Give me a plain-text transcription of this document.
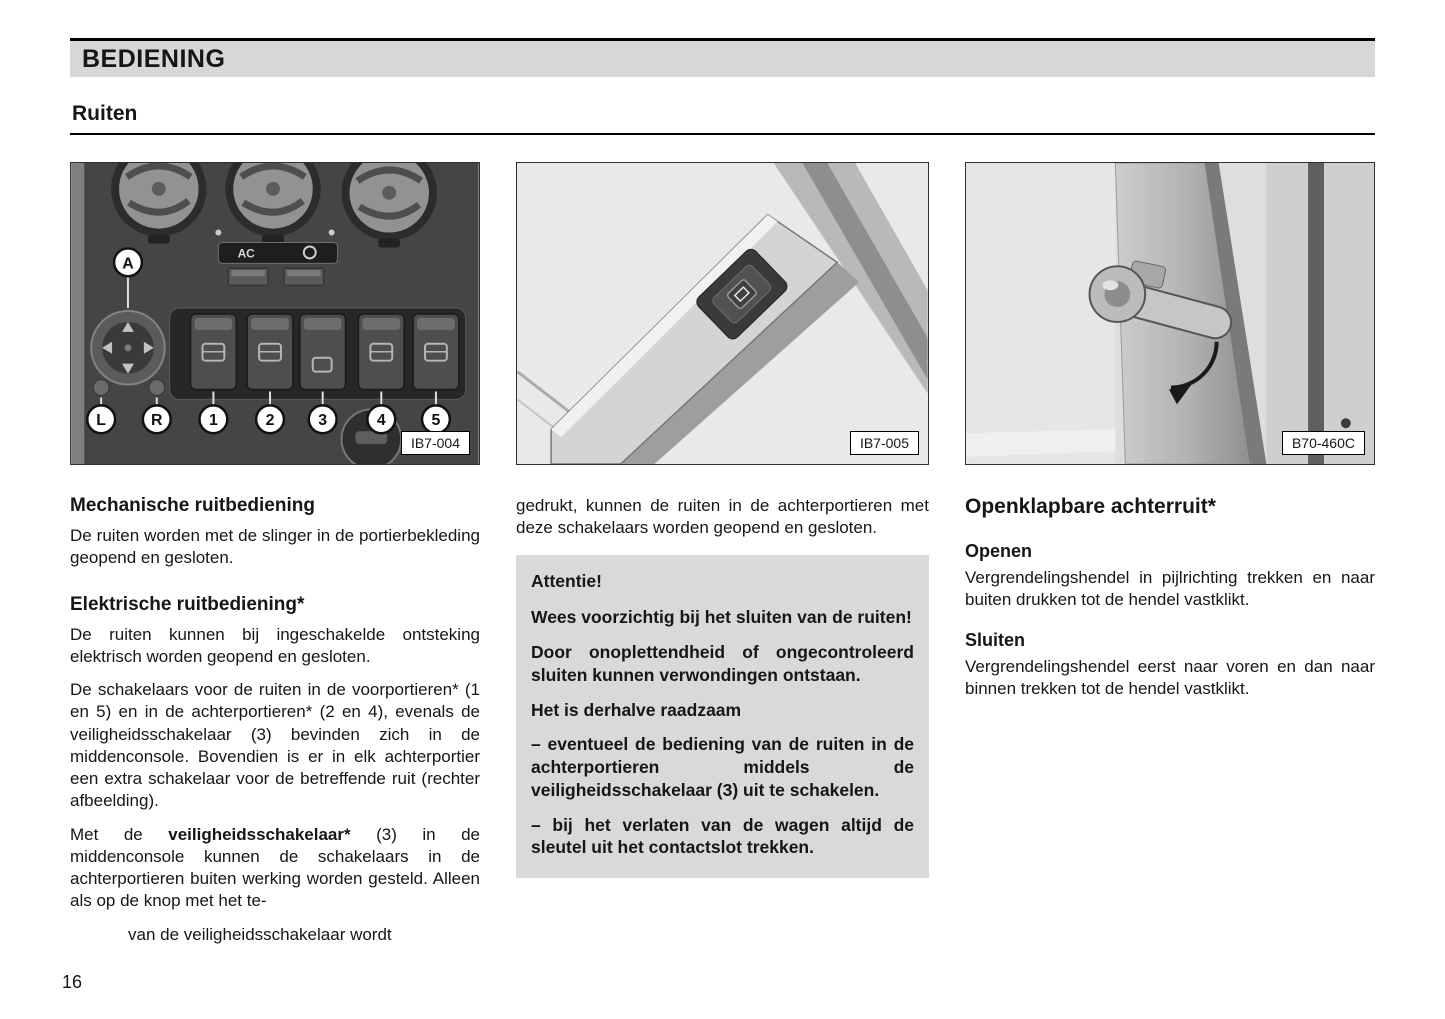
BEDIENING
Ruiten
AC
A
L	R	1	2	3	4	5
IB7-004	IB7-005	B70-460C
Mechanische ruitbediening

De ruiten worden met de slinger in de portierbekleding geopend en gesloten.

Elektrische ruitbediening*

De ruiten kunnen bij ingeschakelde ontsteking elektrisch worden geopend en gesloten.

De schakelaars voor de ruiten in de voorportieren* (1 en 5) en in de achterportieren* (2 en 4), evenals de veiligheidsschakelaar (3) bevinden zich in de middenconsole. Bovendien is er in elk achterportier een extra schakelaar voor de betreffende ruit (rechter afbeelding).

Met de veiligheidsschakelaar* (3) in de middenconsole kunnen de schakelaars in de achterportieren buiten werking worden gesteld. Alleen als op de knop met het te-

van de veiligheidsschakelaar wordt

gedrukt, kunnen de ruiten in de achterportieren met deze schakelaars worden geopend en gesloten.

Attentie!

Wees voorzichtig bij het sluiten van de ruiten!

Door onoplettendheid of ongecontroleerd sluiten kunnen verwondingen ontstaan.

Het is derhalve raadzaam

– eventueel de bediening van de ruiten in de achterportieren middels de veiligheidsschakelaar (3) uit te schakelen.

– bij het verlaten van de wagen altijd de sleutel uit het contactslot trekken.

Openklapbare achterruit*
Openen

Vergrendelingshendel in pijlrichting trekken en naar buiten drukken tot de hendel vastklikt.

Sluiten

Vergrendelingshendel eerst naar voren en dan naar binnen trekken tot de hendel vastklikt.

16
